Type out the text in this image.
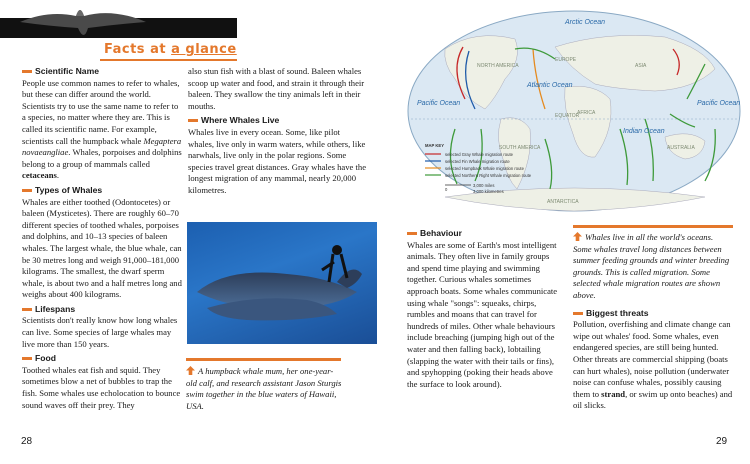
Facts at a glance
Scientific Name

People use common names to refer to whales, but these can differ around the world. Scientists try to use the same name to refer to a species, no matter where they are. This is called its scientific name. For example, scientists call the humpback whale Megaptera novaeangliae. Whales, porpoises and dolphins belong to a group of mammals called cetaceans.

Types of Whales

Whales are either toothed (Odontocetes) or baleen (Mysticetes). There are roughly 60–70 different species of toothed whales, porpoises and dolphins, and 10–13 species of baleen whales. The largest whale, the blue whale, can be 30 metres long and weigh 91,000–181,000 kilograms. The smallest, the dwarf sperm whale, is about two and a half metres long and weighs about 400 kilograms.

Lifespans

Scientists don't really know how long whales can live. Some species of large whales may live more than 150 years.

Food

Toothed whales eat fish and squid. They sometimes blow a net of bubbles to trap the fish. Some whales use echolocation to bounce sound waves off their prey. They

also stun fish with a blast of sound. Baleen whales scoop up water and food, and strain it through their baleen. They swallow the tiny animals left in their mouths.

Where Whales Live

Whales live in every ocean. Some, like pilot whales, live only in warm waters, while others, like narwhals, live only in the polar regions. Some species travel great distances. Gray whales have the longest migration of any mammal, nearly 20,000 kilometres.

A humpback whale mum, her one-year-old calf, and research assistant Jason Sturgis swim together in the blue waters of Hawaii, USA.
Arctic Ocean
Atlantic Ocean
Pacific Ocean	Pacific Ocean
Indian Ocean
NORTH AMERICA
EUROPE
ASIA
AFRICA
SOUTH AMERICA	AUSTRALIA
ANTARCTICA
EQUATOR
MAP KEY
selected Gray Whale migration route
selected Fin Whale migration route
selected Humpback Whale migration route
selected Northern Right Whale migration route
0
3,000 miles
3,000 kilometres
Behaviour

Whales are some of Earth's most intelligent animals. They often live in family groups and spend time playing and swimming together. Curious whales sometimes approach boats. Some whales communicate using whale "songs": squeaks, chirps, rumbles and moans that can travel for hundreds of miles. Other whale behaviours include breaching (jumping high out of the water and then falling back), lobtailing (slapping the water with their tails or fins), and spyhopping (poking their heads above the surface to look around).

Whales live in all the world's oceans. Some whales travel long distances between summer feeding grounds and winter breeding grounds. This is called migration. Some selected whale migration routes are shown above.

Biggest threats

Pollution, overfishing and climate change can wipe out whales' food. Some whales, even endangered species, are still being hunted. Other threats are commercial shipping (boats can hurt whales), noise pollution (underwater noise can confuse whales, possibly causing them to strand, or swim up onto beaches) and oil slicks.

28	29
